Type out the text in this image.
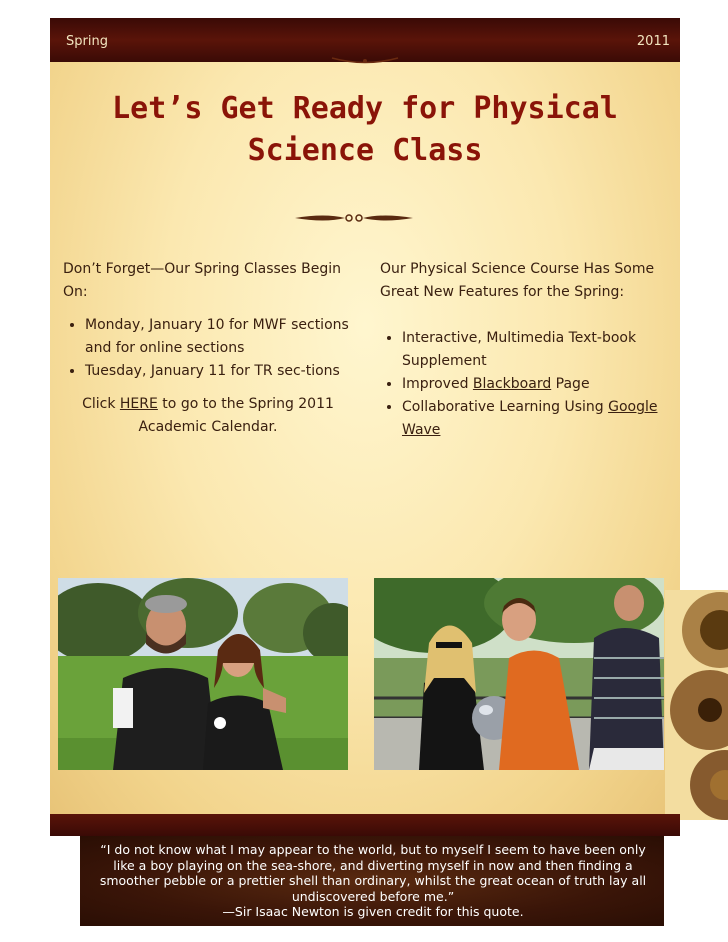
Spring	2011
Let’s Get Ready for Physical
Science Class

Don’t Forget—Our Spring Classes Begin On:

• Monday, January 10 for MWF sections and for online sections
• Tuesday, January 11 for TR sec-tions

Click HERE to go to the Spring 2011
Academic Calendar.

Our Physical Science Course Has Some Great New Features for the Spring:

• Interactive, Multimedia Text-book Supplement
• Improved Blackboard Page
• Collaborative Learning Using Google Wave
“I do not know what I may appear to the world, but to myself I seem to have been only like a boy playing on the sea-shore, and diverting myself in now and then finding a smoother pebble or a prettier shell than ordinary, whilst the great ocean of truth lay all undiscovered before me.”
—Sir Isaac Newton is given credit for this quote.
